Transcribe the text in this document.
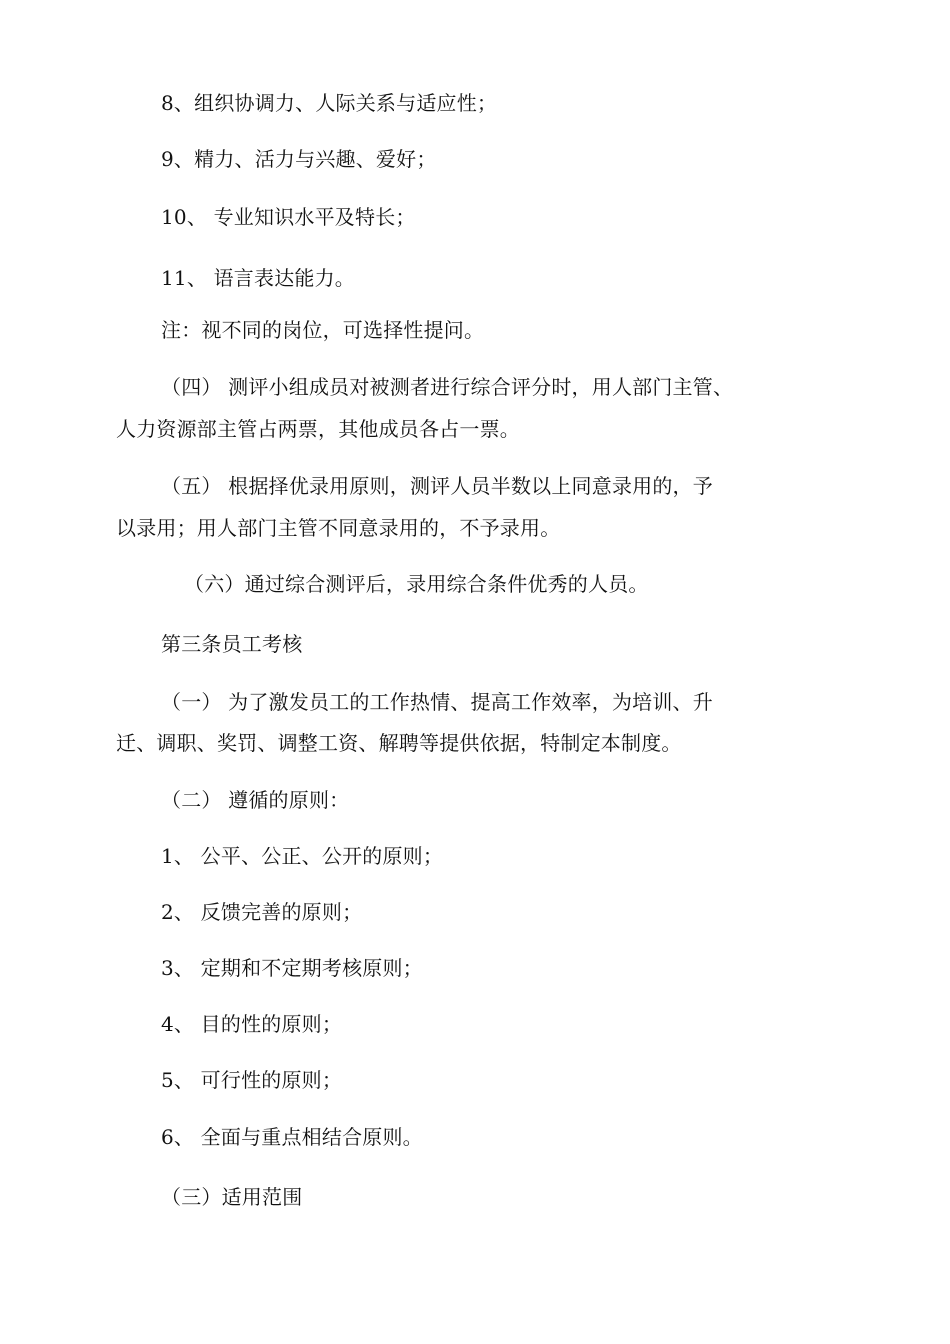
8、组织协调力、人际关系与适应性；
9、精力、活力与兴趣、爱好；
10、 专业知识水平及特长；
11、 语言表达能力。
注：视不同的岗位，可选择性提问。
（四） 测评小组成员对被测者进行综合评分时，用人部门主管、
人力资源部主管占两票，其他成员各占一票。
（五） 根据择优录用原则，测评人员半数以上同意录用的，予
以录用；用人部门主管不同意录用的，不予录用。
（六）通过综合测评后，录用综合条件优秀的人员。
第三条员工考核
（一） 为了激发员工的工作热情、提高工作效率，为培训、升
迁、调职、奖罚、调整工资、解聘等提供依据，特制定本制度。
（二） 遵循的原则：
1、 公平、公正、公开的原则；
2、 反馈完善的原则；
3、 定期和不定期考核原则；
4、 目的性的原则；
5、 可行性的原则；
6、 全面与重点相结合原则。
（三）适用范围
